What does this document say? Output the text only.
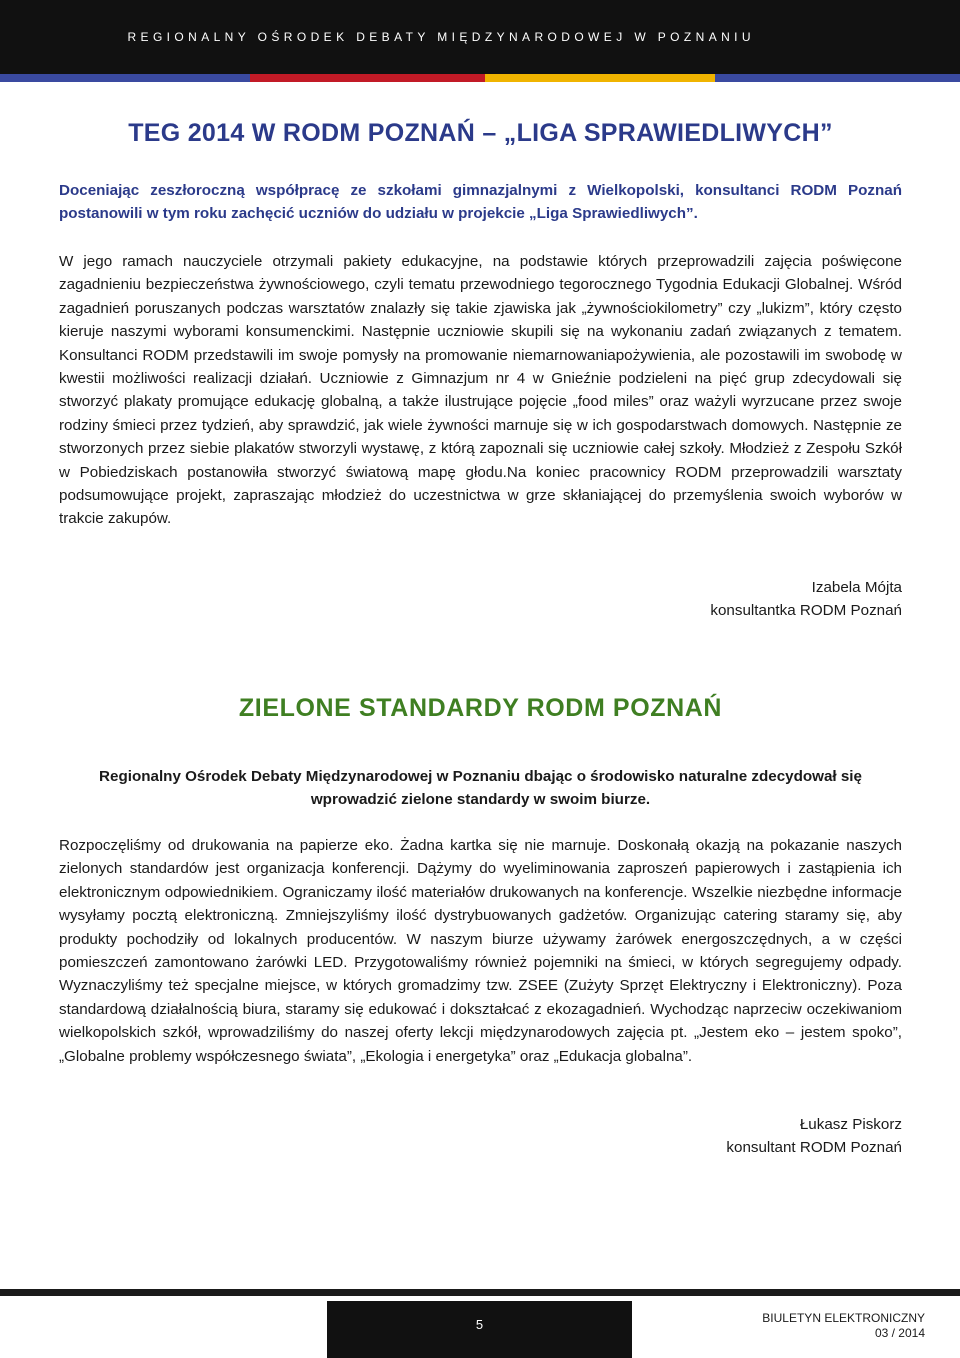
REGIONALNY OŚRODEK DEBATY MIĘDZYNARODOWEJ W POZNANIU
TEG 2014 W RODM POZNAŃ – „LIGA SPRAWIEDLIWYCH”

Doceniając zeszłoroczną współpracę ze szkołami gimnazjalnymi z Wielkopolski, konsultanci RODM Poznań postanowili w tym roku zachęcić uczniów do udziału w projekcie „Liga Sprawiedliwych”.

W jego ramach nauczyciele otrzymali pakiety edukacyjne, na podstawie których przeprowadzili zajęcia poświęcone zagadnieniu bezpieczeństwa żywnościowego, czyli tematu przewodniego tegorocznego Tygodnia Edukacji Globalnej. Wśród zagadnień poruszanych podczas warsztatów znalazły się takie zjawiska jak „żywnościokilometry” czy „lukizm”, który często kieruje naszymi wyborami konsumenckimi. Następnie uczniowie skupili się na wykonaniu zadań związanych z tematem. Konsultanci RODM przedstawili im swoje pomysły na promowanie niemarnowaniapożywienia, ale pozostawili im swobodę w kwestii możliwości realizacji działań. Uczniowie z Gimnazjum nr 4 w Gnieźnie podzieleni na pięć grup zdecydowali się stworzyć plakaty promujące edukację globalną, a także ilustrujące pojęcie „food miles” oraz ważyli wyrzucane przez swoje rodziny śmieci przez tydzień, aby sprawdzić, jak wiele żywności marnuje się w ich gospodarstwach domowych. Następnie ze stworzonych przez siebie plakatów stworzyli wystawę, z którą zapoznali się uczniowie całej szkoły. Młodzież z Zespołu Szkół w Pobiedziskach postanowiła stworzyć światową mapę głodu.Na koniec pracownicy RODM przeprowadzili warsztaty podsumowujące projekt, zapraszając młodzież do uczestnictwa w grze skłaniającej do przemyślenia swoich wyborów w trakcie zakupów.

Izabela Mójta
konsultantka RODM Poznań
ZIELONE STANDARDY RODM POZNAŃ

Regionalny Ośrodek Debaty Międzynarodowej w Poznaniu dbając o środowisko naturalne zdecydował się wprowadzić zielone standardy w swoim biurze.

Rozpoczęliśmy od drukowania na papierze eko. Żadna kartka się nie marnuje. Doskonałą okazją na pokazanie naszych zielonych standardów jest organizacja konferencji. Dążymy do wyeliminowania zaproszeń papierowych i zastąpienia ich elektronicznym odpowiednikiem. Ograniczamy ilość materiałów drukowanych na konferencje. Wszelkie niezbędne informacje wysyłamy pocztą elektroniczną. Zmniejszyliśmy ilość dystrybuowanych gadżetów. Organizując catering staramy się, aby produkty pochodziły od lokalnych producentów. W naszym biurze używamy żarówek energoszczędnych, a w części pomieszczeń zamontowano żarówki LED. Przygotowaliśmy również pojemniki na śmieci, w których segregujemy odpady. Wyznaczyliśmy też specjalne miejsce, w których gromadzimy tzw. ZSEE (Zużyty Sprzęt Elektryczny i Elektroniczny). Poza standardową działalnością biura, staramy się edukować i dokształcać z ekozagadnień. Wychodząc naprzeciw oczekiwaniom wielkopolskich szkół, wprowadziliśmy do naszej oferty lekcji międzynarodowych zajęcia pt. „Jestem eko – jestem spoko”, „Globalne problemy współczesnego świata”, „Ekologia i energetyka” oraz „Edukacja globalna”.

Łukasz Piskorz
konsultant RODM Poznań
5	BIULETYN ELEKTRONICZNY
03 / 2014
